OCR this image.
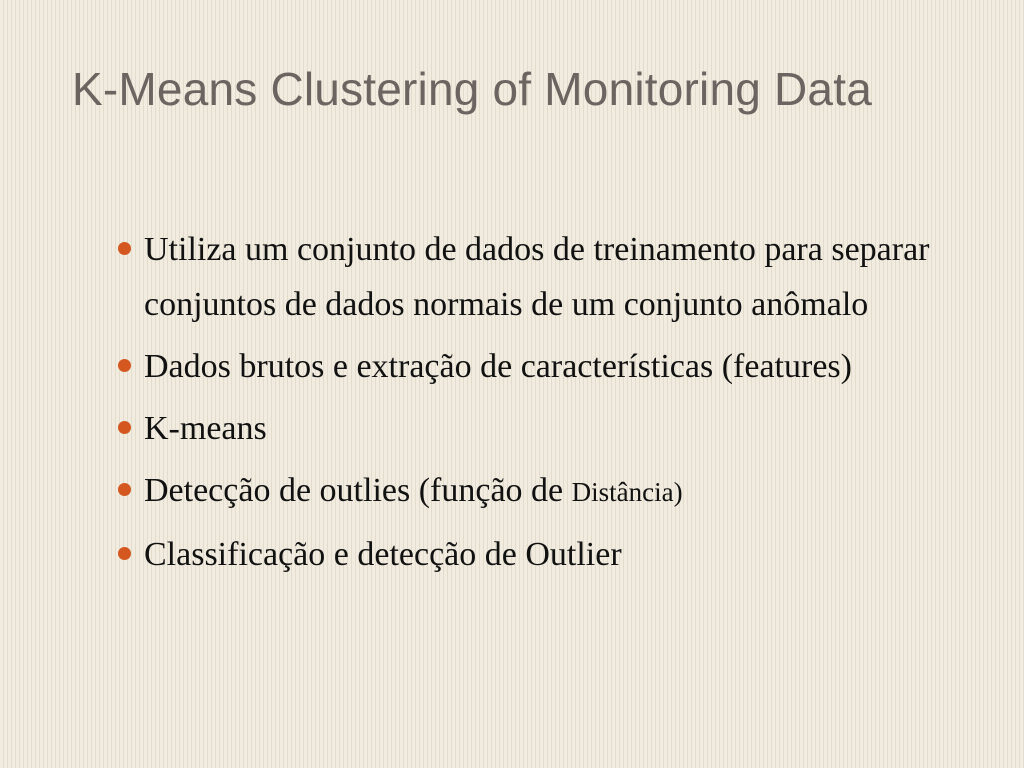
K-Means Clustering of Monitoring Data
Utiliza um conjunto de dados de treinamento para separar conjuntos de dados normais de um conjunto anômalo
Dados brutos e extração de características (features)
K-means
Detecção de outlies (função de Distância)
Classificação e detecção de Outlier
